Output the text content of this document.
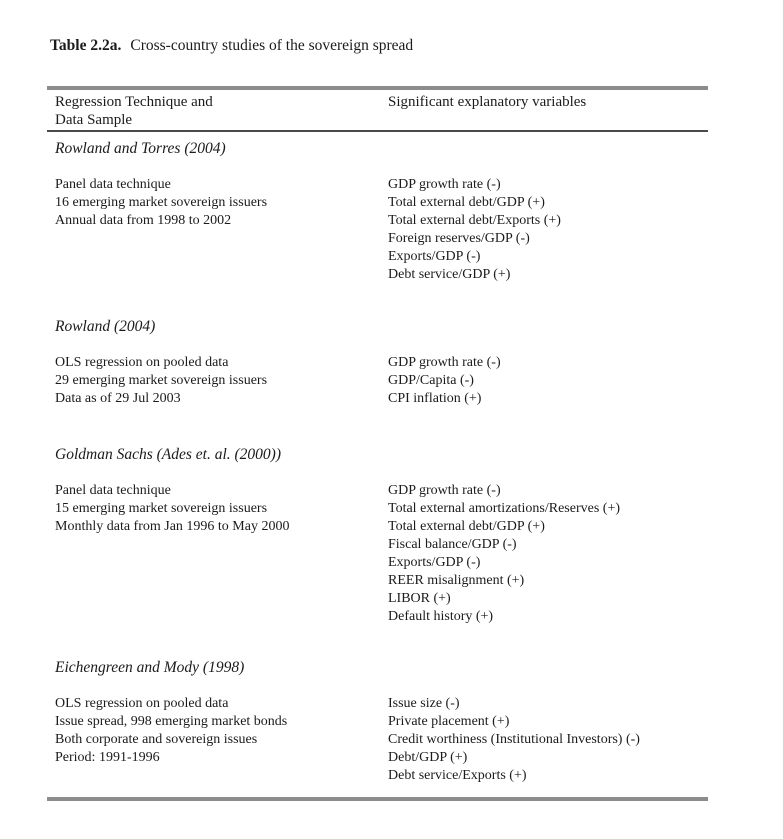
Table 2.2a. Cross-country studies of the sovereign spread
Regression Technique and
Data Sample
Significant explanatory variables
Rowland and Torres (2004)
Panel data technique
16 emerging market sovereign issuers
Annual data from 1998 to 2002
GDP growth rate (-)
Total external debt/GDP (+)
Total external debt/Exports (+)
Foreign reserves/GDP (-)
Exports/GDP (-)
Debt service/GDP (+)
Rowland (2004)
OLS regression on pooled data
29 emerging market sovereign issuers
Data as of 29 Jul 2003
GDP growth rate (-)
GDP/Capita (-)
CPI inflation (+)
Goldman Sachs (Ades et. al. (2000))
Panel data technique
15 emerging market sovereign issuers
Monthly data from Jan 1996 to May 2000
GDP growth rate (-)
Total external amortizations/Reserves (+)
Total external debt/GDP (+)
Fiscal balance/GDP (-)
Exports/GDP (-)
REER misalignment (+)
LIBOR (+)
Default history (+)
Eichengreen and Mody (1998)
OLS regression on pooled data
Issue spread, 998 emerging market bonds
Both corporate and sovereign issues
Period: 1991-1996
Issue size (-)
Private placement (+)
Credit worthiness (Institutional Investors) (-)
Debt/GDP (+)
Debt service/Exports (+)
